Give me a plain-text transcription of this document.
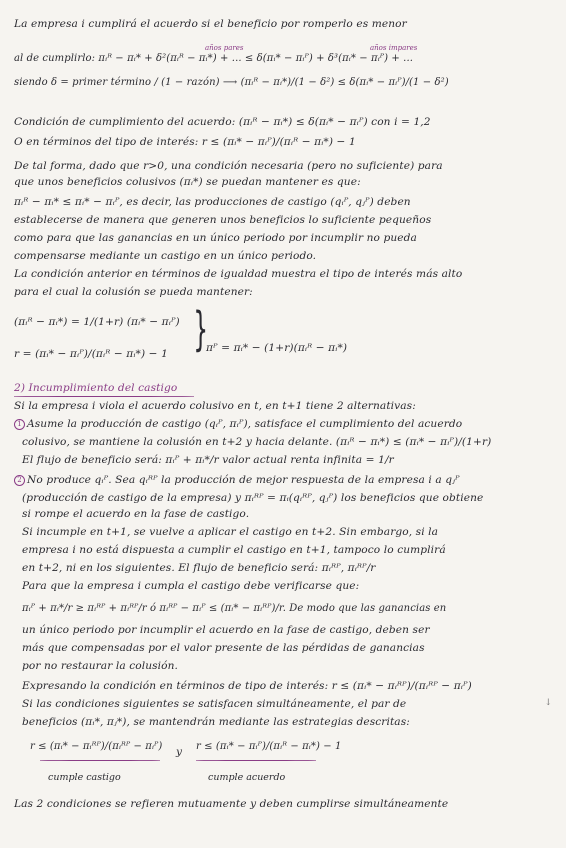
La empresa i cumplirá el acuerdo si el beneficio por romperlo es menor
años pares	años impares
al de cumplirlo: πᵢᴿ − πᵢ* + δ²(πᵢᴿ − πᵢ*) + ... ≤ δ(πᵢ* − πᵢᴾ) + δ³(πᵢ* − πᵢᴾ) + ...
siendo δ = primer término / (1 − razón) ⟶ (πᵢᴿ − πᵢ*)/(1 − δ²) ≤ δ(πᵢ* − πᵢᴾ)/(1 − δ²)
Condición de cumplimiento del acuerdo: (πᵢᴿ − πᵢ*) ≤ δ(πᵢ* − πᵢᴾ) con i = 1,2
O en términos del tipo de interés: r ≤ (πᵢ* − πᵢᴾ)/(πᵢᴿ − πᵢ*) − 1
De tal forma, dado que r>0, una condición necesaria (pero no suficiente) para
que unos beneficios colusivos (πᵢ*) se puedan mantener es que:
πᵢᴿ − πᵢ* ≤ πᵢ* − πᵢᴾ, es decir, las producciones de castigo (qᵢᴾ, qⱼᴾ) deben
establecerse de manera que generen unos beneficios lo suficiente pequeños
como para que las ganancias en un único periodo por incumplir no pueda
compensarse mediante un castigo en un único periodo.
La condición anterior en términos de igualdad muestra el tipo de interés más alto
para el cual la colusión se pueda mantener:
(πᵢᴿ − πᵢ*) = 1/(1+r) (πᵢ* − πᵢᴾ)
r = (πᵢ* − πᵢᴾ)/(πᵢᴿ − πᵢ*) − 1 }
πᴾ = πᵢ* − (1+r)(πᵢᴿ − πᵢ*)
2) Incumplimiento del castigo
Si la empresa i viola el acuerdo colusivo en t, en t+1 tiene 2 alternativas:
1 Asume la producción de castigo (qᵢᴾ, πᵢᴾ), satisface el cumplimiento del acuerdo
colusivo, se mantiene la colusión en t+2 y hacia delante. (πᵢᴿ − πᵢ*) ≤ (πᵢ* − πᵢᴾ)/(1+r)
El flujo de beneficio será: πᵢᴾ + πᵢ*/r valor actual renta infinita = 1/r
2 No produce qᵢᴾ. Sea qᵢᴿᴾ la producción de mejor respuesta de la empresa i a qⱼᴾ
(producción de castigo de la empresa) y πᵢᴿᴾ = πᵢ(qᵢᴿᴾ, qⱼᴾ) los beneficios que obtiene
si rompe el acuerdo en la fase de castigo.
Si incumple en t+1, se vuelve a aplicar el castigo en t+2. Sin embargo, si la
empresa i no está dispuesta a cumplir el castigo en t+1, tampoco lo cumplirá
en t+2, ni en los siguientes. El flujo de beneficio será: πᵢᴿᴾ, πᵢᴿᴾ/r
Para que la empresa i cumpla el castigo debe verificarse que:
πᵢᴾ + πᵢ*/r ≥ πᵢᴿᴾ + πᵢᴿᴾ/r ó πᵢᴿᴾ − πᵢᴾ ≤ (πᵢ* − πᵢᴿᴾ)/r. De modo que las ganancias en
un único periodo por incumplir el acuerdo en la fase de castigo, deben ser
más que compensadas por el valor presente de las pérdidas de ganancias
por no restaurar la colusión.
Expresando la condición en términos de tipo de interés: r ≤ (πᵢ* − πᵢᴿᴾ)/(πᵢᴿᴾ − πᵢᴾ)
Si las condiciones siguientes se satisfacen simultáneamente, el par de	↓
beneficios (πᵢ*, πⱼ*), se mantendrán mediante las estrategias descritas:
r ≤ (πᵢ* − πᵢᴿᴾ)/(πᵢᴿᴾ − πᵢᴾ) y r ≤ (πᵢ* − πᵢᴾ)/(πᵢᴿ − πᵢ*) − 1
cumple castigo	cumple acuerdo
Las 2 condiciones se refieren mutuamente y deben cumplirse simultáneamente
